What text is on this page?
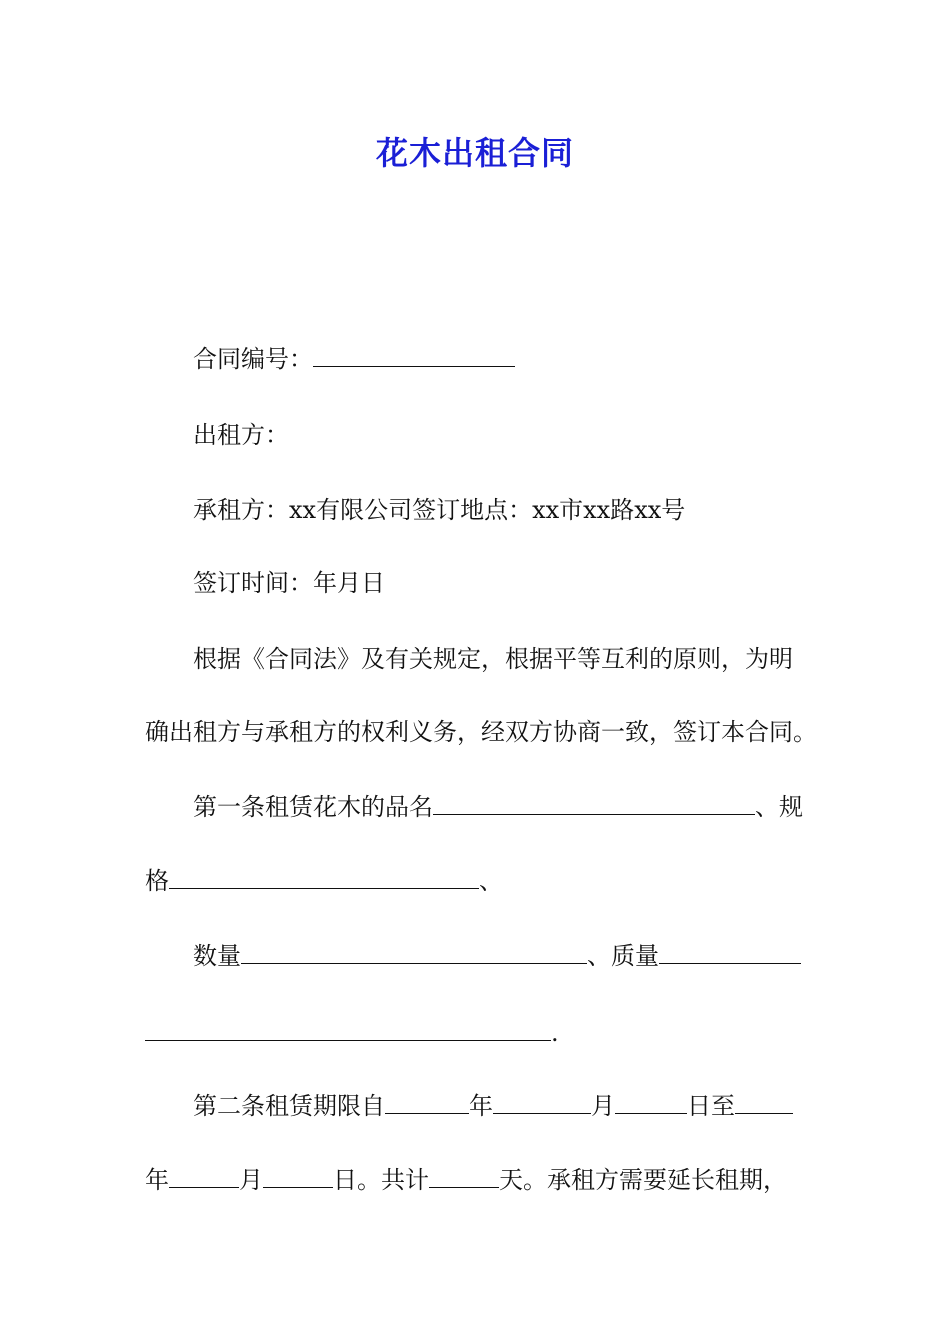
花木出租合同
合同编号：
出租方：
承租方：xx有限公司签订地点：xx市xx路xx号
签订时间：年月日
根据《合同法》及有关规定，根据平等互利的原则，为明
确出租方与承租方的权利义务，经双方协商一致，签订本合同。
第一条租赁花木的品名	、规
格	、
数量	、质量
.
第二条租赁期限自	年	月	日至
年	月	日。共计	天。承租方需要延长租期，
